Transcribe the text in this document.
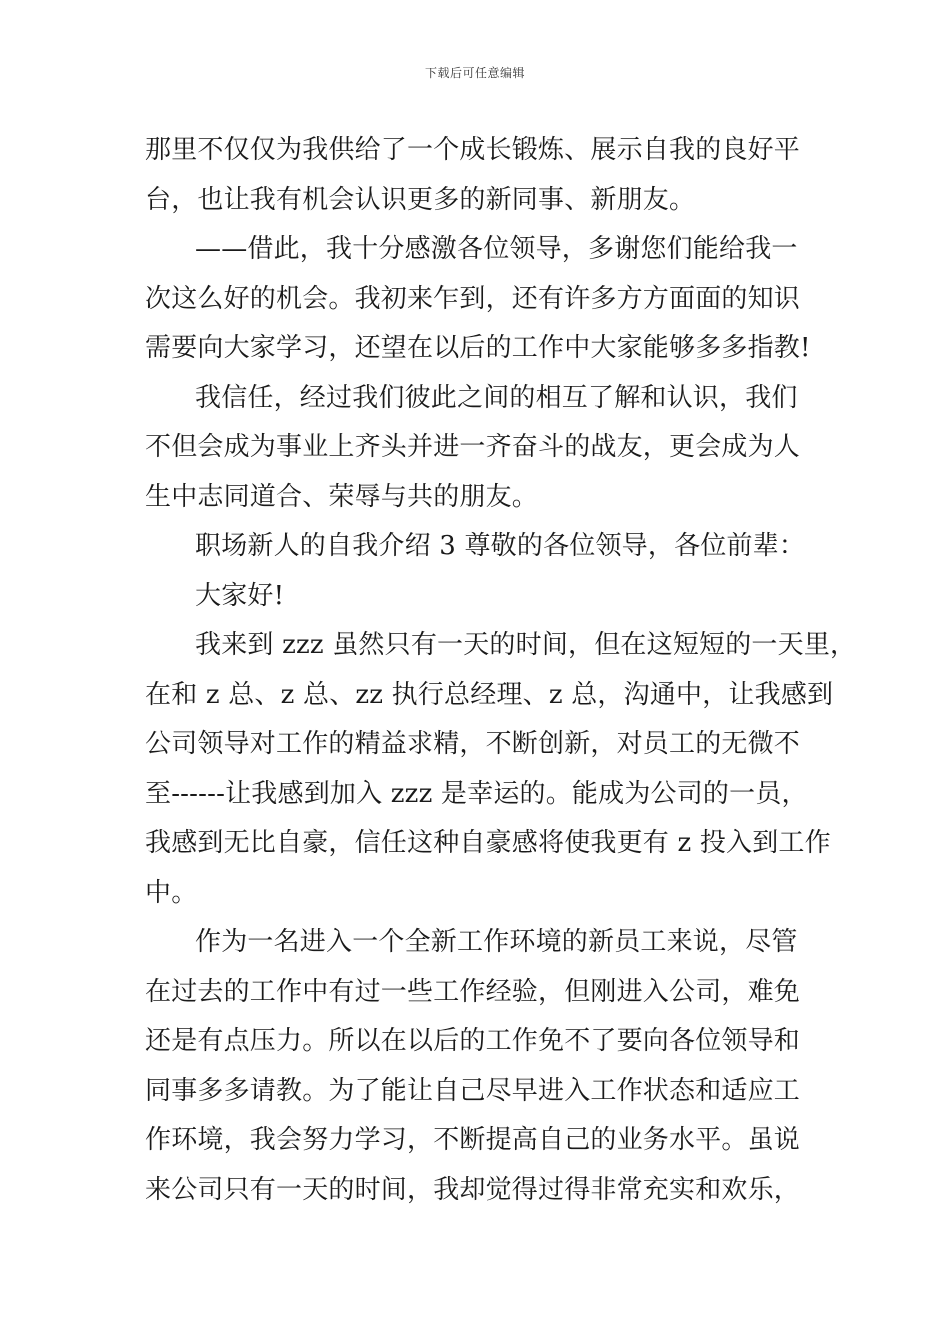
下载后可任意编辑
那里不仅仅为我供给了一个成长锻炼、展示自我的良好平
台，也让我有机会认识更多的新同事、新朋友。
——借此，我十分感激各位领导，多谢您们能给我一
次这么好的机会。我初来乍到，还有许多方方面面的知识
需要向大家学习，还望在以后的工作中大家能够多多指教!
我信任，经过我们彼此之间的相互了解和认识，我们
不但会成为事业上齐头并进一齐奋斗的战友，更会成为人
生中志同道合、荣辱与共的朋友。
职场新人的自我介绍 3 尊敬的各位领导，各位前辈：
大家好!
我来到 zzz 虽然只有一天的时间，但在这短短的一天里，
在和 z 总、z 总、zz 执行总经理、z 总，沟通中，让我感到
公司领导对工作的精益求精，不断创新，对员工的无微不
至------让我感到加入 zzz 是幸运的。能成为公司的一员，
我感到无比自豪，信任这种自豪感将使我更有 z 投入到工作
中。
作为一名进入一个全新工作环境的新员工来说，尽管
在过去的工作中有过一些工作经验，但刚进入公司，难免
还是有点压力。所以在以后的工作免不了要向各位领导和
同事多多请教。为了能让自己尽早进入工作状态和适应工
作环境，我会努力学习，不断提高自己的业务水平。虽说
来公司只有一天的时间，我却觉得过得非常充实和欢乐，
